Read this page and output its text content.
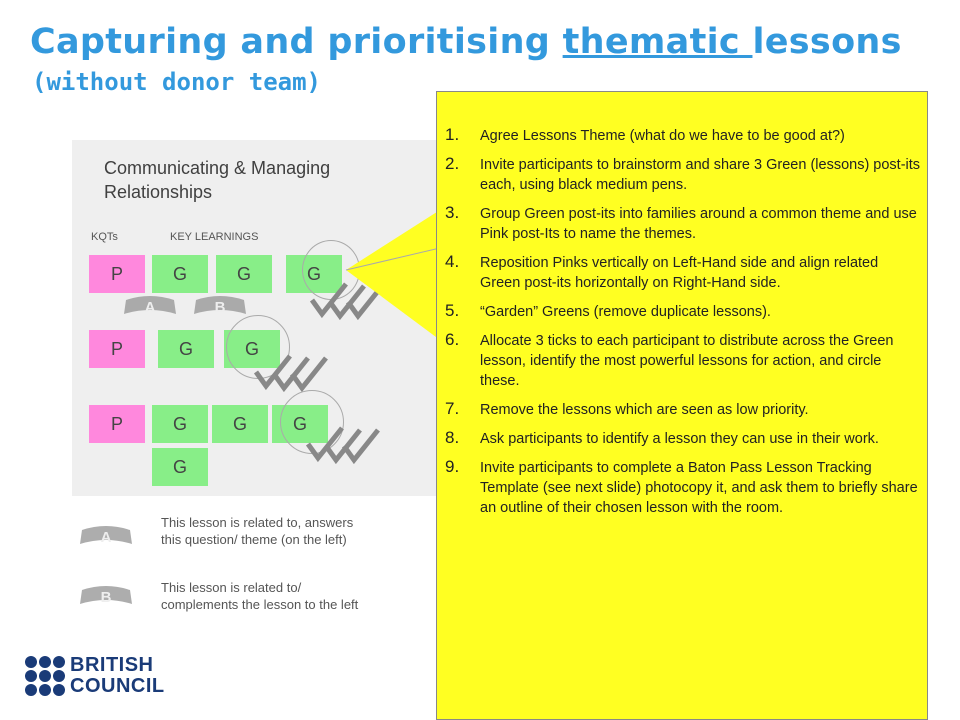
Capturing and prioritising thematic lessons
(without donor team)
Communicating & Managing Relationships
KQTs	KEY LEARNINGS
P	G	G	G
A	B
P	G	G
P	G	G	G
G
A
This lesson is related to, answers this question/ theme (on the left)
B
This lesson is related to/ complements the lesson to the left
1. Agree Lessons Theme (what do we have to be good at?)
2. Invite participants to brainstorm and share 3 Green (lessons) post-its each, using black medium pens.
3. Group Green post-its into families around a common theme and use Pink post-Its to name the themes.
4. Reposition Pinks vertically on Left-Hand side and align related Green post-its horizontally on Right-Hand side.
5. “Garden” Greens (remove duplicate lessons).
6. Allocate 3 ticks to each participant to distribute across the Green lesson, identify the most powerful lessons for action, and circle these.
7. Remove the lessons which are seen as low priority.
8. Ask participants to identify a lesson they can use in their work.
9. Invite participants to complete a Baton Pass Lesson Tracking Template (see next slide) photocopy it, and ask them to briefly share an outline of their chosen lesson with the room.
BRITISH
COUNCIL
